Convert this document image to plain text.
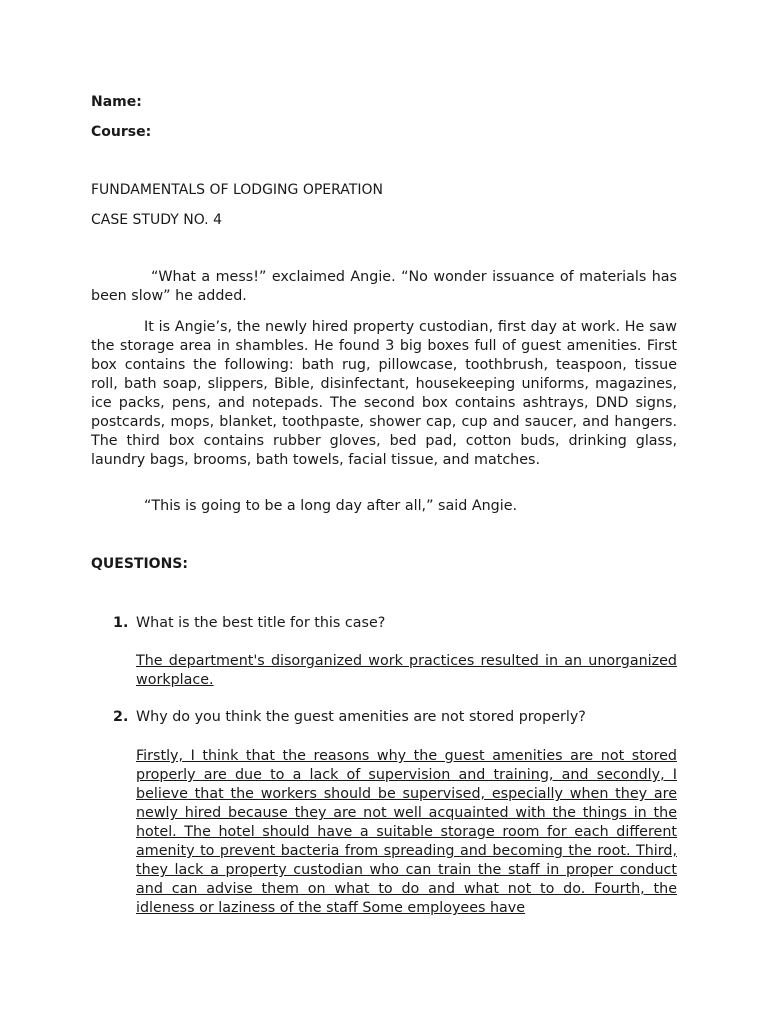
Name:
Course:
FUNDAMENTALS OF LODGING OPERATION
CASE STUDY NO. 4

“What a mess!” exclaimed Angie. “No wonder issuance of materials has been slow” he added.

It is Angie’s, the newly hired property custodian, first day at work. He saw the storage area in shambles. He found 3 big boxes full of guest amenities. First box contains the following: bath rug, pillowcase, toothbrush, teaspoon, tissue roll, bath soap, slippers, Bible, disinfectant, housekeeping uniforms, magazines, ice packs, pens, and notepads. The second box contains ashtrays, DND signs, postcards, mops, blanket, toothpaste, shower cap, cup and saucer, and hangers. The third box contains rubber gloves, bed pad, cotton buds, drinking glass, laundry bags, brooms, bath towels, facial tissue, and matches.

“This is going to be a long day after all,” said Angie.

QUESTIONS:
1. What is the best title for this case?

The department's disorganized work practices resulted in an unorganized workplace.

2. Why do you think the guest amenities are not stored properly?

Firstly, I think that the reasons why the guest amenities are not stored properly are due to a lack of supervision and training, and secondly, I believe that the workers should be supervised, especially when they are newly hired because they are not well acquainted with the things in the hotel. The hotel should have a suitable storage room for each different amenity to prevent bacteria from spreading and becoming the root. Third, they lack a property custodian who can train the staff in proper conduct and can advise them on what to do and what not to do. Fourth, the idleness or laziness of the staff Some employees have
